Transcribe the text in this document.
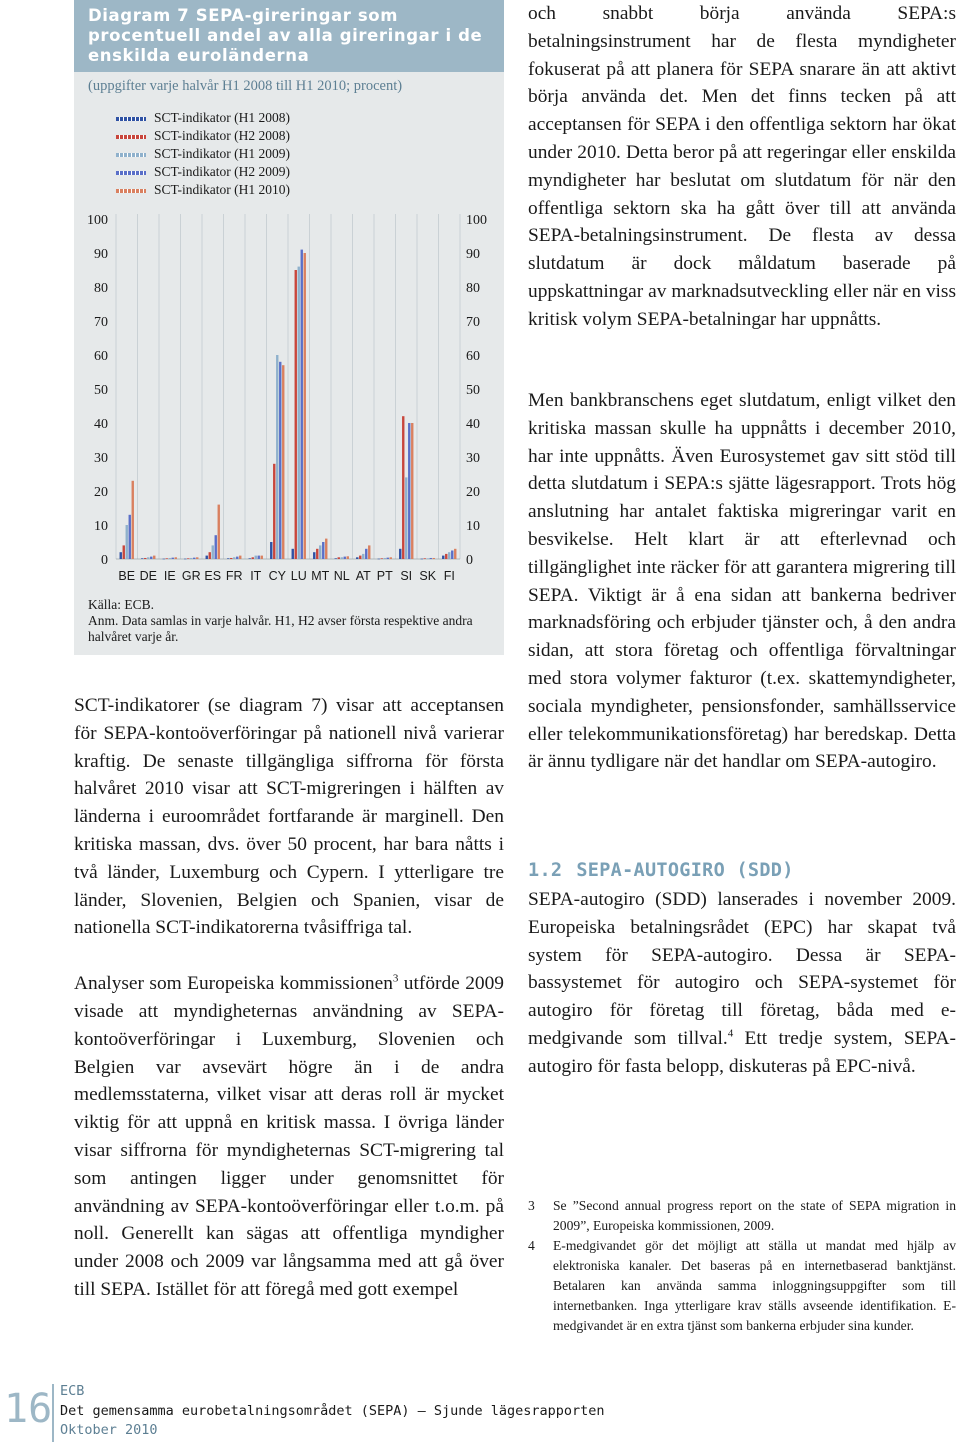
0	0
10	10
20	20
30	30
40	40
50	50
60	60
70	70
80	80
90	90
100	100
BE DE IE GR ES FR IT CY LU MT NL AT PT SI SK FI
Diagram 7 SEPA-gireringar som procentuell andel av alla gireringar i de enskilda euroländerna
(uppgifter varje halvår H1 2008 till H1 2010; procent)
SCT-indikator (H1 2008)
SCT-indikator (H2 2008)
SCT-indikator (H1 2009)
SCT-indikator (H2 2009)
SCT-indikator (H1 2010)
Källa: ECB.
Anm. Data samlas in varje halvår. H1, H2 avser första respektive andra halvåret varje år.

SCT-indikatorer (se diagram 7) visar att acceptansen för SEPA-kontoöverföringar på nationell nivå varierar kraftig. De senaste tillgängliga siffrorna för första halvåret 2010 visar att SCT-migreringen i hälften av länderna i euroområdet fortfarande är marginell. Den kritiska massan, dvs. över 50 procent, har bara nåtts i två länder, Luxemburg och Cypern. I ytterligare tre länder, Slovenien, Belgien och Spanien, visar de nationella SCT-indikatorerna tvåsiffriga tal.

Analyser som Europeiska kommissionen$^3$ utförde 2009 visade att myndigheternas användning av SEPA-kontoöverföringar i Luxemburg, Slovenien och Belgien var avsevärt högre än i de andra medlemsstaterna, vilket visar att deras roll är mycket viktig för att uppnå en kritisk massa. I övriga länder visar siffrorna för myndigheternas SCT-migrering tal som antingen ligger under genomsnittet för användning av SEPA-kontoöverföringar eller t.o.m. på noll. Generellt kan sägas att offentliga myndigher under 2008 och 2009 var långsamma med att gå över till SEPA. Istället för att föregå med gott exempel

och snabbt börja använda SEPA:s betalningsinstrument har de flesta myndigheter fokuserat på att planera för SEPA snarare än att aktivt börja använda det. Men det finns tecken på att acceptansen för SEPA i den offentliga sektorn har ökat under 2010. Detta beror på att regeringar eller enskilda myndigheter har beslutat om slutdatum för när den offentliga sektorn ska ha gått över till att använda SEPA-betalningsinstrument. De flesta av dessa slutdatum är dock måldatum baserade på uppskattningar av marknadsutveckling eller när en viss kritisk volym SEPA-betalningar har uppnåtts.

Men bankbranschens eget slutdatum, enligt vilket den kritiska massan skulle ha uppnåtts i december 2010, har inte uppnåtts. Även Eurosystemet gav sitt stöd till detta slutdatum i SEPA:s sjätte lägesrapport. Trots hög anslutning har antalet faktiska migreringar varit en besvikelse. Helt klart är att efterlevnad och tillgänglighet inte räcker för att garantera migrering till SEPA. Viktigt är å ena sidan att bankerna bedriver marknadsföring och erbjuder tjänster och, å den andra sidan, att stora företag och offentliga förvaltningar med stora volymer fakturor (t.ex. skattemyndigheter, sociala myndigheter, pensionsfonder, samhällsservice eller telekommunikationsföretag) har beredskap. Detta är ännu tydligare när det handlar om SEPA-autogiro.

1.2 SEPA-AUTOGIRO (SDD)

SEPA-autogiro (SDD) lanserades i november 2009. Europeiska betalningsrådet (EPC) har skapat två system för SEPA-autogiro. Dessa är SEPA-bassystemet för autogiro och SEPA-systemet för autogiro för företag till företag, båda med e-medgivande som tillval.$^4$ Ett tredje system, SEPA-autogiro för fasta belopp, diskuteras på EPC-nivå.

3 Se ”Second annual progress report on the state of SEPA migration in 2009”, Europeiska kommissionen, 2009.
4 E-medgivandet gör det möjligt att ställa ut mandat med hjälp av elektroniska kanaler. Det baseras på en internetbaserad banktjänst. Betalaren kan använda samma inloggningsuppgifter som till internetbanken. Inga ytterligare krav ställs avseende identifikation. E-medgivandet är en extra tjänst som bankerna erbjuder sina kunder.
16 ECB
Det gemensamma eurobetalningsområdet (SEPA) — Sjunde lägesrapporten
Oktober 2010
